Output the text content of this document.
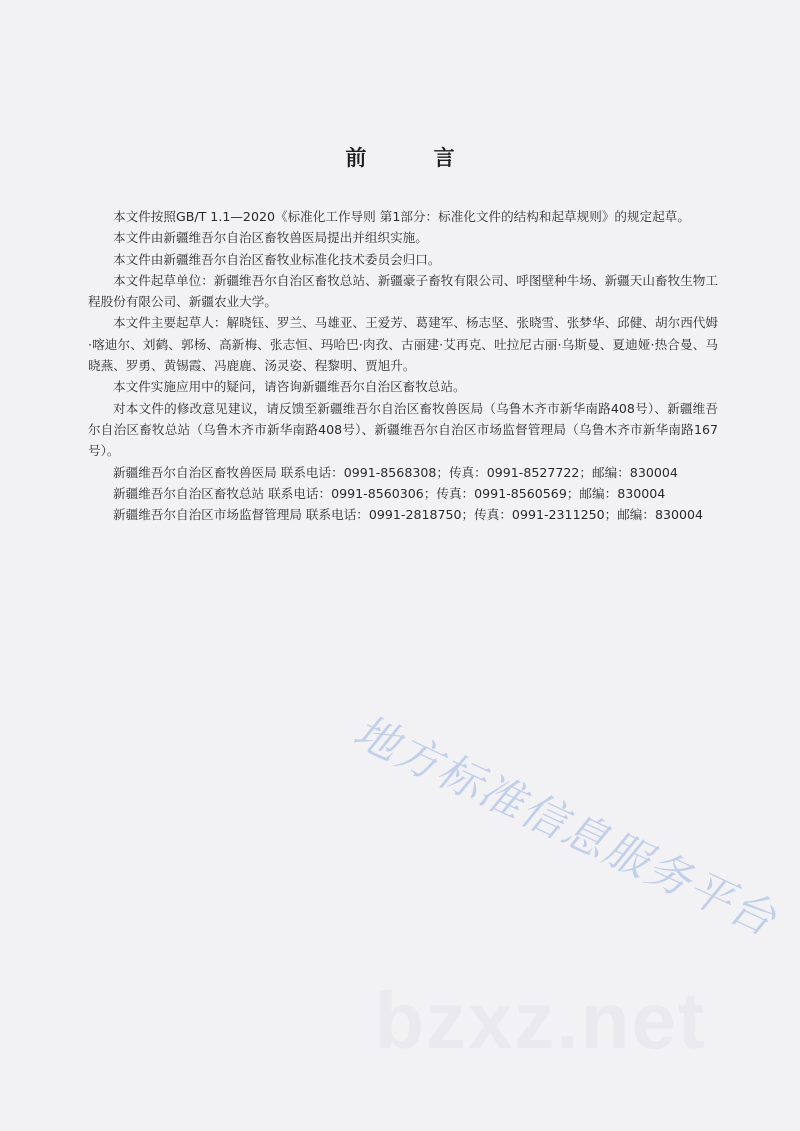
前 言

本文件按照GB/T 1.1—2020《标准化工作导则 第1部分：标准化文件的结构和起草规则》的规定起草。

本文件由新疆维吾尔自治区畜牧兽医局提出并组织实施。

本文件由新疆维吾尔自治区畜牧业标准化技术委员会归口。

本文件起草单位：新疆维吾尔自治区畜牧总站、新疆豪子畜牧有限公司、呼图壁种牛场、新疆天山畜牧生物工程股份有限公司、新疆农业大学。

本文件主要起草人：解晓钰、罗兰、马雄亚、王爱芳、葛建军、杨志坚、张晓雪、张梦华、邱健、胡尔西代姆·喀迪尔、刘鹤、郭杨、高新梅、张志恒、玛哈巴·肉孜、古丽建·艾再克、吐拉尼古丽·乌斯曼、夏迪娅·热合曼、马晓燕、罗勇、黄锡霞、冯鹿鹿、汤灵姿、程黎明、贾旭升。

本文件实施应用中的疑问，请咨询新疆维吾尔自治区畜牧总站。

对本文件的修改意见建议，请反馈至新疆维吾尔自治区畜牧兽医局（乌鲁木齐市新华南路408号）、新疆维吾尔自治区畜牧总站（乌鲁木齐市新华南路408号）、新疆维吾尔自治区市场监督管理局（乌鲁木齐市新华南路167号）。

新疆维吾尔自治区畜牧兽医局 联系电话：0991-8568308；传真：0991-8527722；邮编：830004

新疆维吾尔自治区畜牧总站 联系电话：0991-8560306；传真：0991-8560569；邮编：830004

新疆维吾尔自治区市场监督管理局 联系电话：0991-2818750；传真：0991-2311250；邮编：830004

地方标准信息服务平台
bzxz.net
